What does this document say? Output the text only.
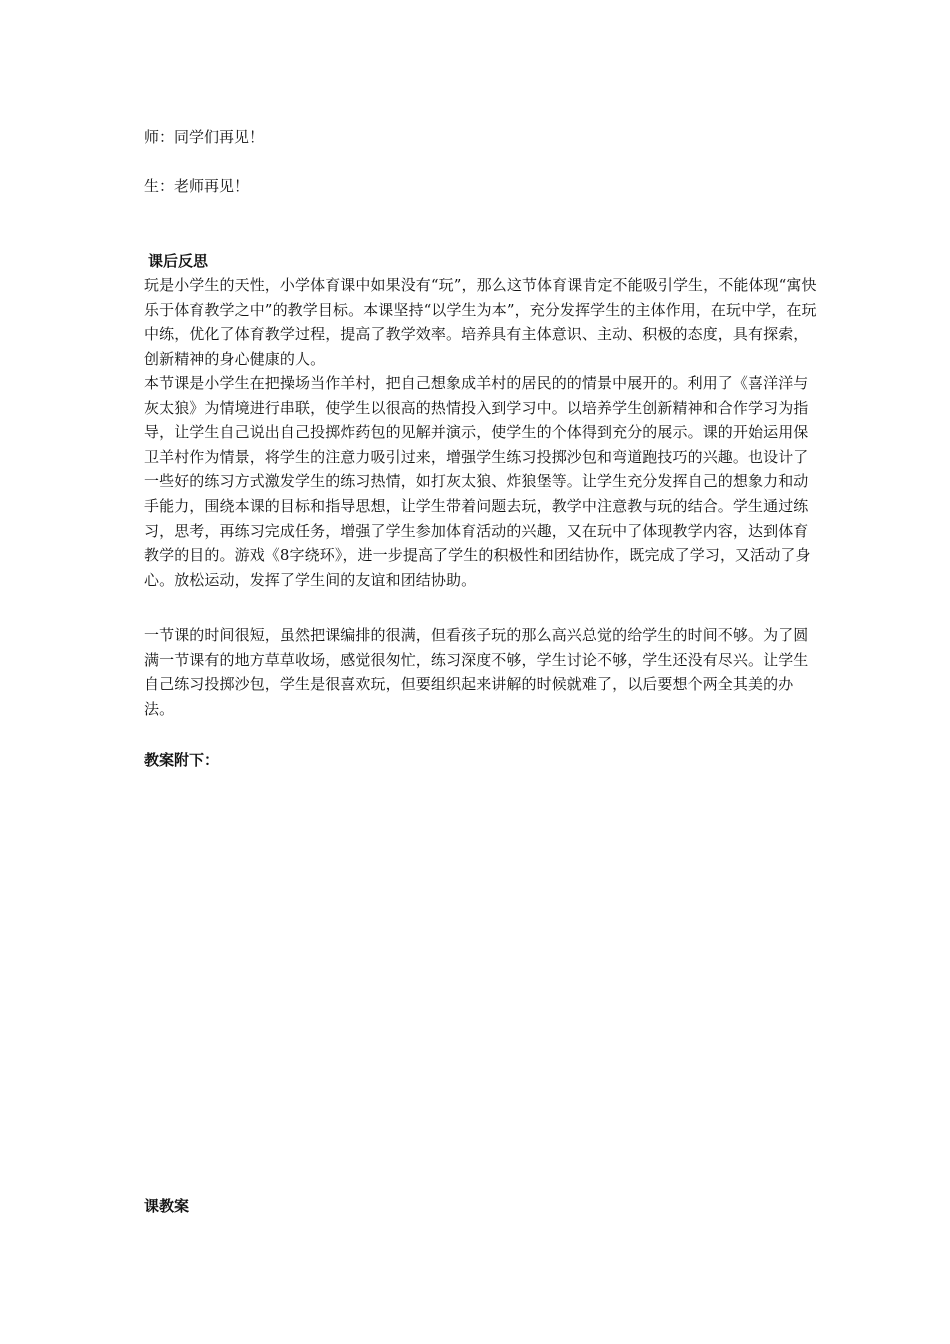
师：同学们再见！
生：老师再见！
课后反思
玩是小学生的天性，小学体育课中如果没有“玩”，那么这节体育课肯定不能吸引学生，不能体现“寓快乐于体育教学之中”的教学目标。本课坚持“以学生为本”，充分发挥学生的主体作用，在玩中学，在玩中练，优化了体育教学过程，提高了教学效率。培养具有主体意识、主动、积极的态度，具有探索，创新精神的身心健康的人。
本节课是小学生在把操场当作羊村，把自己想象成羊村的居民的的情景中展开的。利用了《喜洋洋与灰太狼》为情境进行串联，使学生以很高的热情投入到学习中。以培养学生创新精神和合作学习为指导，让学生自己说出自己投掷炸药包的见解并演示，使学生的个体得到充分的展示。课的开始运用保卫羊村作为情景，将学生的注意力吸引过来，增强学生练习投掷沙包和弯道跑技巧的兴趣。也设计了一些好的练习方式激发学生的练习热情，如打灰太狼、炸狼堡等。让学生充分发挥自己的想象力和动手能力，围绕本课的目标和指导思想，让学生带着问题去玩，教学中注意教与玩的结合。学生通过练习，思考，再练习完成任务，增强了学生参加体育活动的兴趣，又在玩中了体现教学内容，达到体育教学的目的。游戏《8字绕环》，进一步提高了学生的积极性和团结协作，既完成了学习，又活动了身心。放松运动，发挥了学生间的友谊和团结协助。
一节课的时间很短，虽然把课编排的很满，但看孩子玩的那么高兴总觉的给学生的时间不够。为了圆满一节课有的地方草草收场，感觉很匆忙，练习深度不够，学生讨论不够，学生还没有尽兴。让学生自己练习投掷沙包，学生是很喜欢玩，但要组织起来讲解的时候就难了，以后要想个两全其美的办法。
教案附下：
课教案
